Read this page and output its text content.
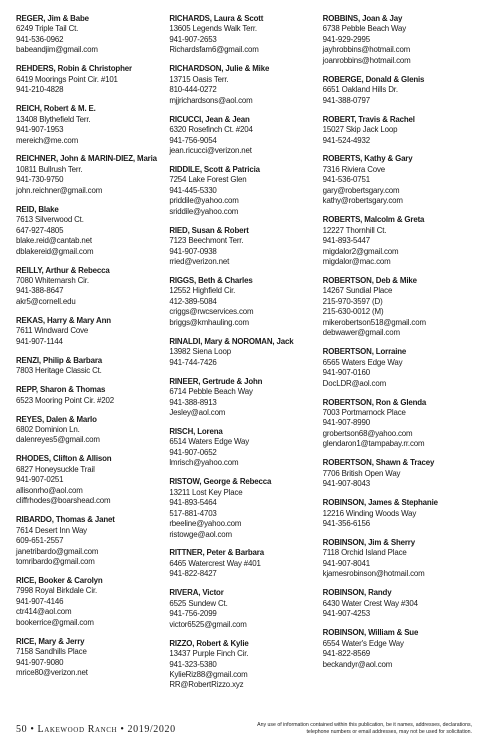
REGER, Jim & Babe
6249 Triple Tail Ct.
941-536-0962
babeandjim@gmail.com
REHDERS, Robin & Christopher
6419 Moorings Point Cir. #101
941-210-4828
REICH, Robert & M. E.
13408 Blythefield Terr.
941-907-1953
mereich@me.com
REICHNER, John & MARIN-DIEZ, Maria
10811 Bullrush Terr.
941-730-9750
john.reichner@gmail.com
REID, Blake
7613 Silverwood Ct.
647-927-4805
blake.reid@cantab.net
dblakereid@gmail.com
REILLY, Arthur & Rebecca
7080 Whitemarsh Cir.
941-388-8647
akr5@cornell.edu
REKAS, Harry & Mary Ann
7611 Windward Cove
941-907-1144
RENZI, Philip & Barbara
7803 Heritage Classic Ct.
REPP, Sharon & Thomas
6523 Mooring Point Cir. #202
REYES, Dalen & Marlo
6802 Dominion Ln.
dalenreyes5@gmail.com
RHODES, Clifton & Allison
6827 Honeysuckle Trail
941-907-0251
allisonrho@aol.com
cliffrhodes@boarshead.com
RIBARDO, Thomas & Janet
7614 Desert Inn Way
609-651-2557
janetribardo@gmail.com
tomribardo@gmail.com
RICE, Booker & Carolyn
7998 Royal Birkdale Cir.
941-907-4146
ctr414@aol.com
bookerrice@gmail.com
RICE, Mary & Jerry
7158 Sandhills Place
941-907-9080
mrice80@verizon.net
RICHARDS, Laura & Scott
13605 Legends Walk Terr.
941-907-2653
Richardsfam6@gmail.com
RICHARDSON, Julie & Mike
13715 Oasis Terr.
810-444-0272
mjjrichardsons@aol.com
RICUCCI, Jean & Jean
6320 Rosefinch Ct. #204
941-756-9054
jean.ricucci@verizon.net
RIDDILE, Scott & Patricia
7254 Lake Forest Glen
941-445-5330
priddile@yahoo.com
sriddile@yahoo.com
RIED, Susan & Robert
7123 Beechmont Terr.
941-907-0938
rried@verizon.net
RIGGS, Beth & Charles
12552 Highfield Cir.
412-389-5084
criggs@rwcservices.com
briggs@kmhauling.com
RINALDI, Mary & NOROMAN, Jack
13982 Siena Loop
941-744-7426
RINEER, Gertrude & John
6714 Pebble Beach Way
941-388-8913
Jesley@aol.com
RISCH, Lorena
6514 Waters Edge Way
941-907-0652
lmrisch@yahoo.com
RISTOW, George & Rebecca
13211 Lost Key Place
941-893-5464
517-881-4703
rbeeline@yahoo.com
ristowge@aol.com
RITTNER, Peter & Barbara
6465 Watercrest Way #401
941-822-8427
RIVERA, Victor
6525 Sundew Ct.
941-756-2099
victor6525@gmail.com
RIZZO, Robert & Kylie
13437 Purple Finch Cir.
941-323-5380
KylieRiz88@gmail.com
RR@RobertRizzo.xyz
ROBBINS, Joan & Jay
6738 Pebble Beach Way
941-929-2995
jayhrobbins@hotmail.com
joanrobbins@hotmail.com
ROBERGE, Donald & Glenis
6651 Oakland Hills Dr.
941-388-0797
ROBERT, Travis & Rachel
15027 Skip Jack Loop
941-524-4932
ROBERTS, Kathy & Gary
7316 Riviera Cove
941-536-0751
gary@robertsgary.com
kathy@robertsgary.com
ROBERTS, Malcolm & Greta
12227 Thornhill Ct.
941-893-5447
migdalor2@gmail.com
migdalor@mac.com
ROBERTSON, Deb & Mike
14267 Sundial Place
215-970-3597 (D)
215-630-0012 (M)
mikerobertson518@gmail.com
debwawer@gmail.com
ROBERTSON, Lorraine
6565 Waters Edge Way
941-907-0160
DocLDR@aol.com
ROBERTSON, Ron & Glenda
7003 Portmarnock Place
941-907-8990
grobertson68@yahoo.com
glendaron1@tampabay.rr.com
ROBERTSON, Shawn & Tracey
7706 British Open Way
941-907-8043
ROBINSON, James & Stephanie
12216 Winding Woods Way
941-356-6156
ROBINSON, Jim & Sherry
7118 Orchid Island Place
941-907-8041
kjamesrobinson@hotmail.com
ROBINSON, Randy
6430 Water Crest Way #304
941-907-4253
ROBINSON, William & Sue
6554 Water's Edge Way
941-822-8569
beckandyr@aol.com
50 • Lakewood Ranch • 2019/2020	Any use of information contained within this publication, be it names, addresses, declarations, telephone numbers or email addresses, may not be used for solicitation.
